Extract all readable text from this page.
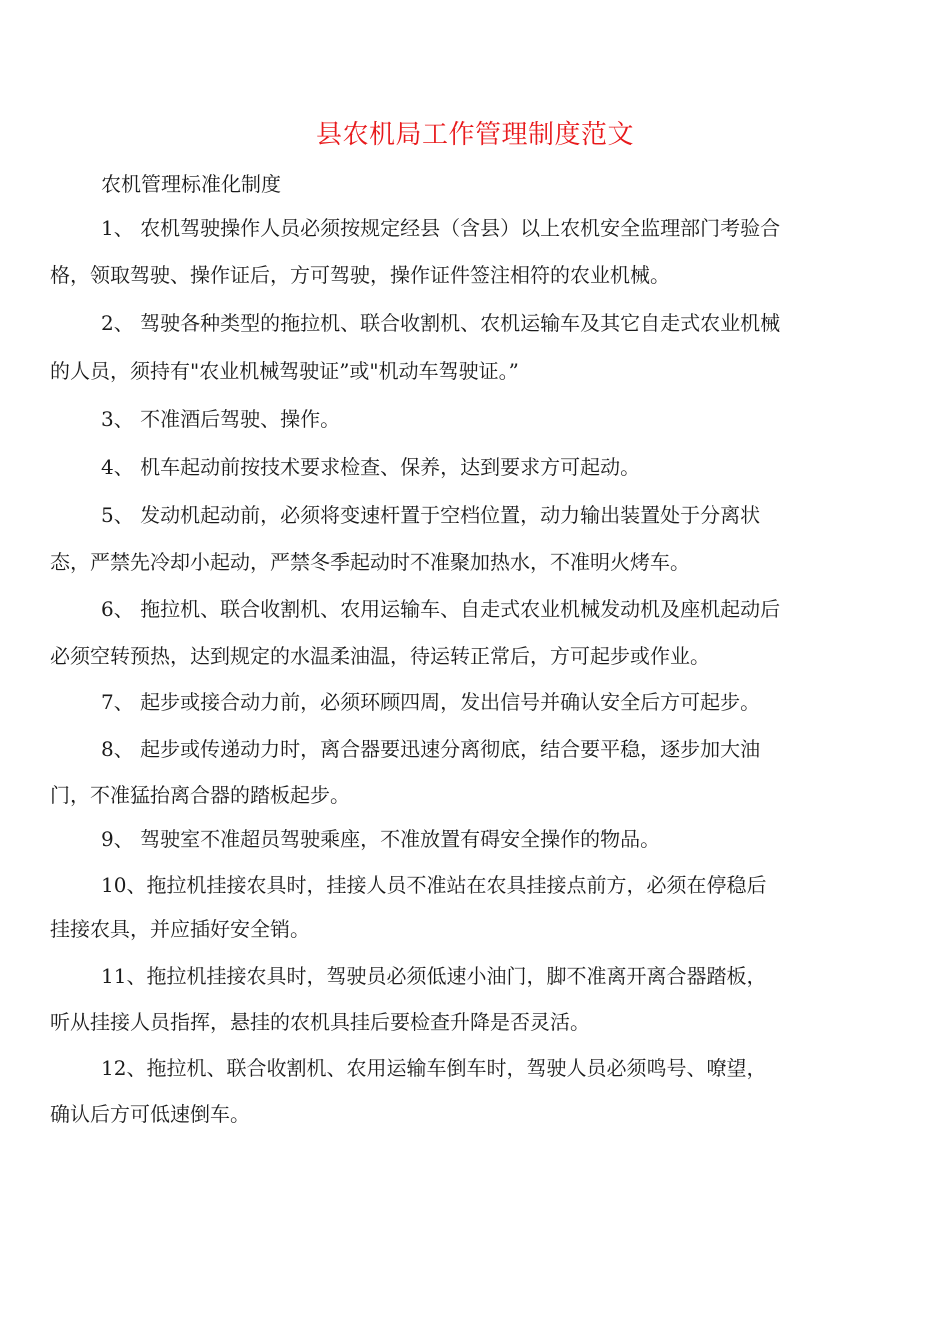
县农机局工作管理制度范文

农机管理标准化制度

1、 农机驾驶操作人员必须按规定经县（含县）以上农机安全监理部门考验合

格，领取驾驶、操作证后，方可驾驶，操作证件签注相符的农业机械。

2、 驾驶各种类型的拖拉机、联合收割机、农机运输车及其它自走式农业机械

的人员，须持有"农业机械驾驶证”或"机动车驾驶证。”

3、 不准酒后驾驶、操作。

4、 机车起动前按技术要求检查、保养，达到要求方可起动。

5、 发动机起动前，必须将变速杆置于空档位置，动力输出装置处于分离状

态，严禁先冷却小起动，严禁冬季起动时不准聚加热水，不准明火烤车。

6、 拖拉机、联合收割机、农用运输车、自走式农业机械发动机及座机起动后

必须空转预热，达到规定的水温柔油温，待运转正常后，方可起步或作业。

7、 起步或接合动力前，必须环顾四周，发出信号并确认安全后方可起步。

8、 起步或传递动力时，离合器要迅速分离彻底，结合要平稳，逐步加大油

门，不准猛抬离合器的踏板起步。

9、 驾驶室不准超员驾驶乘座，不准放置有碍安全操作的物品。

10、拖拉机挂接农具时，挂接人员不准站在农具挂接点前方，必须在停稳后

挂接农具，并应插好安全销。

11、拖拉机挂接农具时，驾驶员必须低速小油门，脚不准离开离合器踏板，

听从挂接人员指挥，悬挂的农机具挂后要检查升降是否灵活。

12、拖拉机、联合收割机、农用运输车倒车时，驾驶人员必须鸣号、嘹望，

确认后方可低速倒车。
